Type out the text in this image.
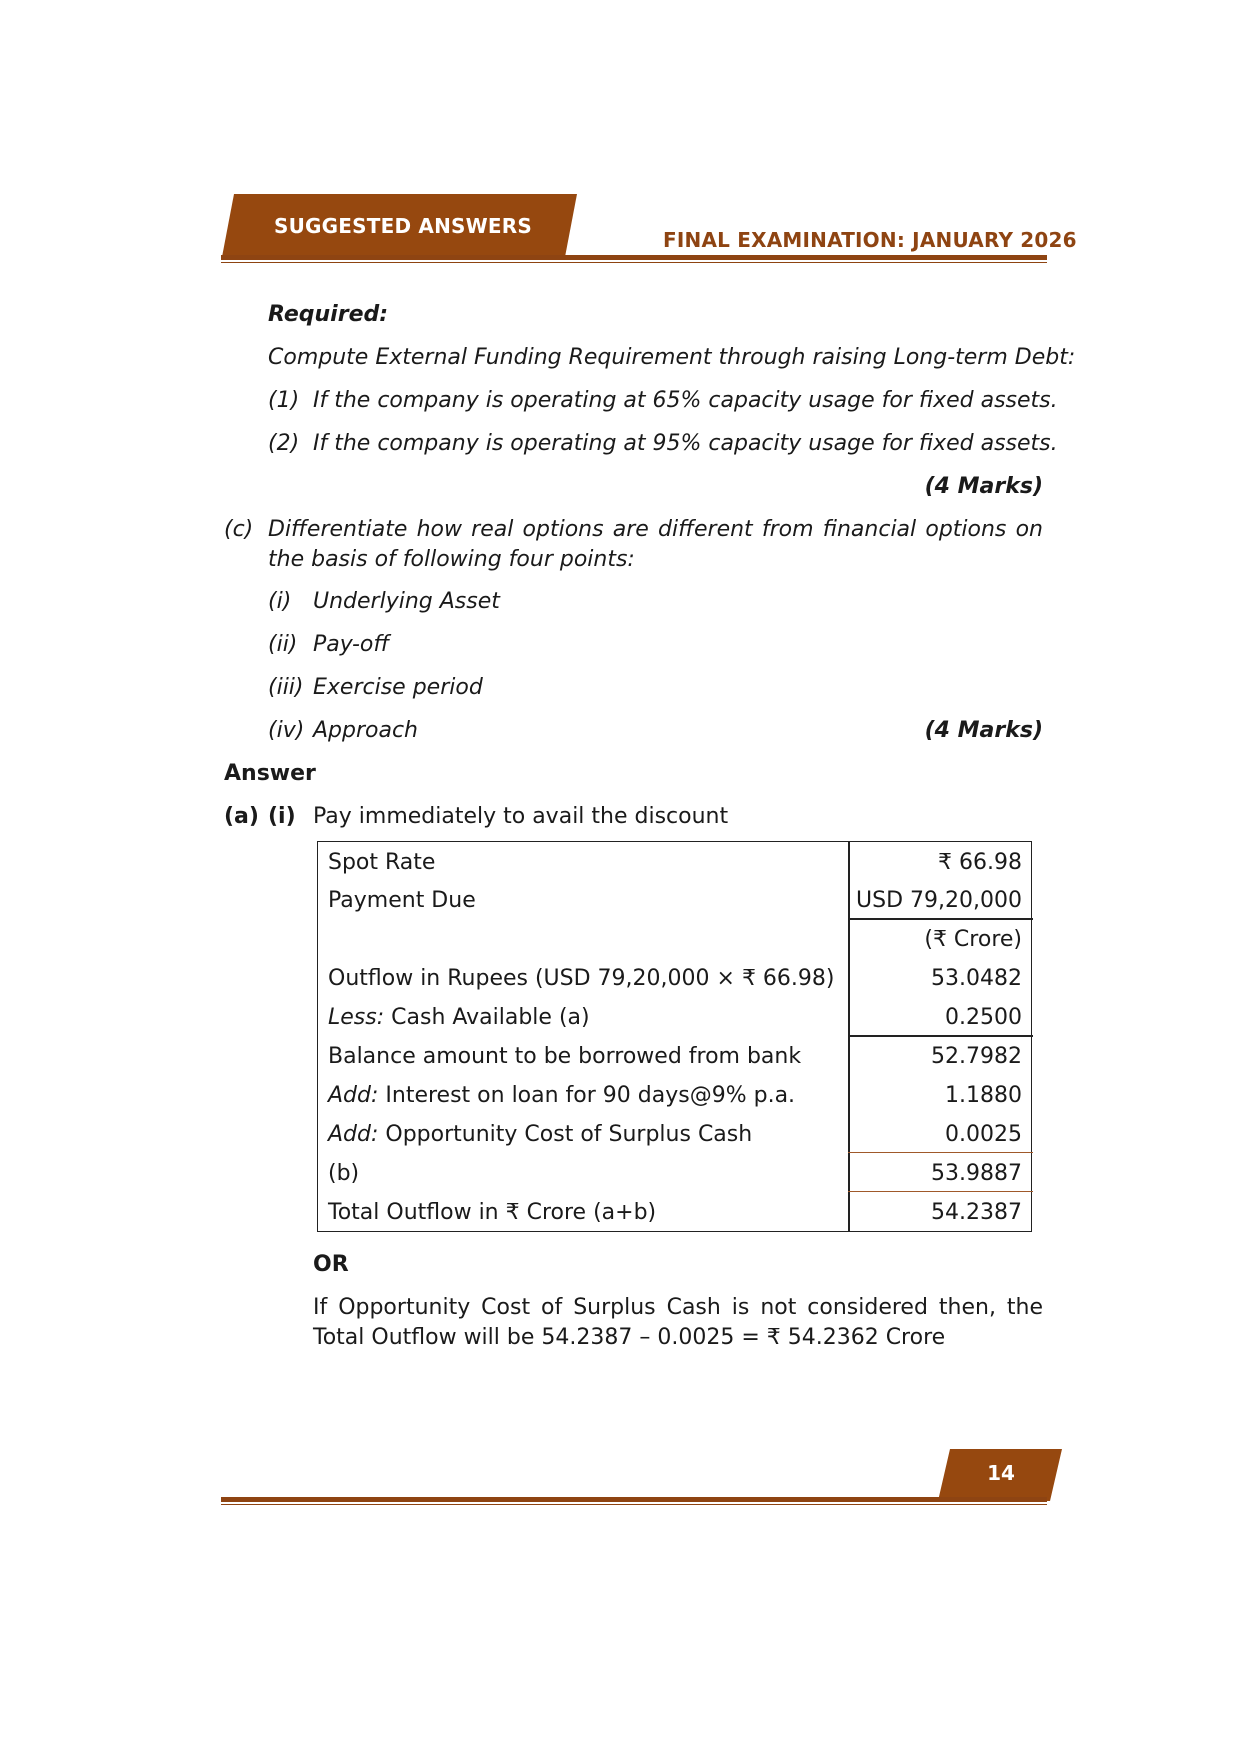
SUGGESTED ANSWERS
FINAL EXAMINATION: JANUARY 2026
Required:
Compute External Funding Requirement through raising Long-term Debt:
(1) If the company is operating at 65% capacity usage for fixed assets.
(2) If the company is operating at 95% capacity usage for fixed assets.
(4 Marks)
(c) Differentiate how real options are different from financial options on the basis of following four points:
(i) Underlying Asset
(ii) Pay-off
(iii) Exercise period
(iv) Approach	(4 Marks)
Answer
(a) (i) Pay immediately to avail the discount
Spot Rate	₹ 66.98
Payment Due	USD 79,20,000
(₹ Crore)
Outflow in Rupees (USD 79,20,000 × ₹ 66.98)	53.0482
Less: Cash Available (a)	0.2500
Balance amount to be borrowed from bank	52.7982
Add: Interest on loan for 90 days@9% p.a.	1.1880
Add: Opportunity Cost of Surplus Cash	0.0025
(b)	53.9887
Total Outflow in ₹ Crore (a+b)	54.2387
OR
If Opportunity Cost of Surplus Cash is not considered then, the Total Outflow will be 54.2387 – 0.0025 = ₹ 54.2362 Crore
14
